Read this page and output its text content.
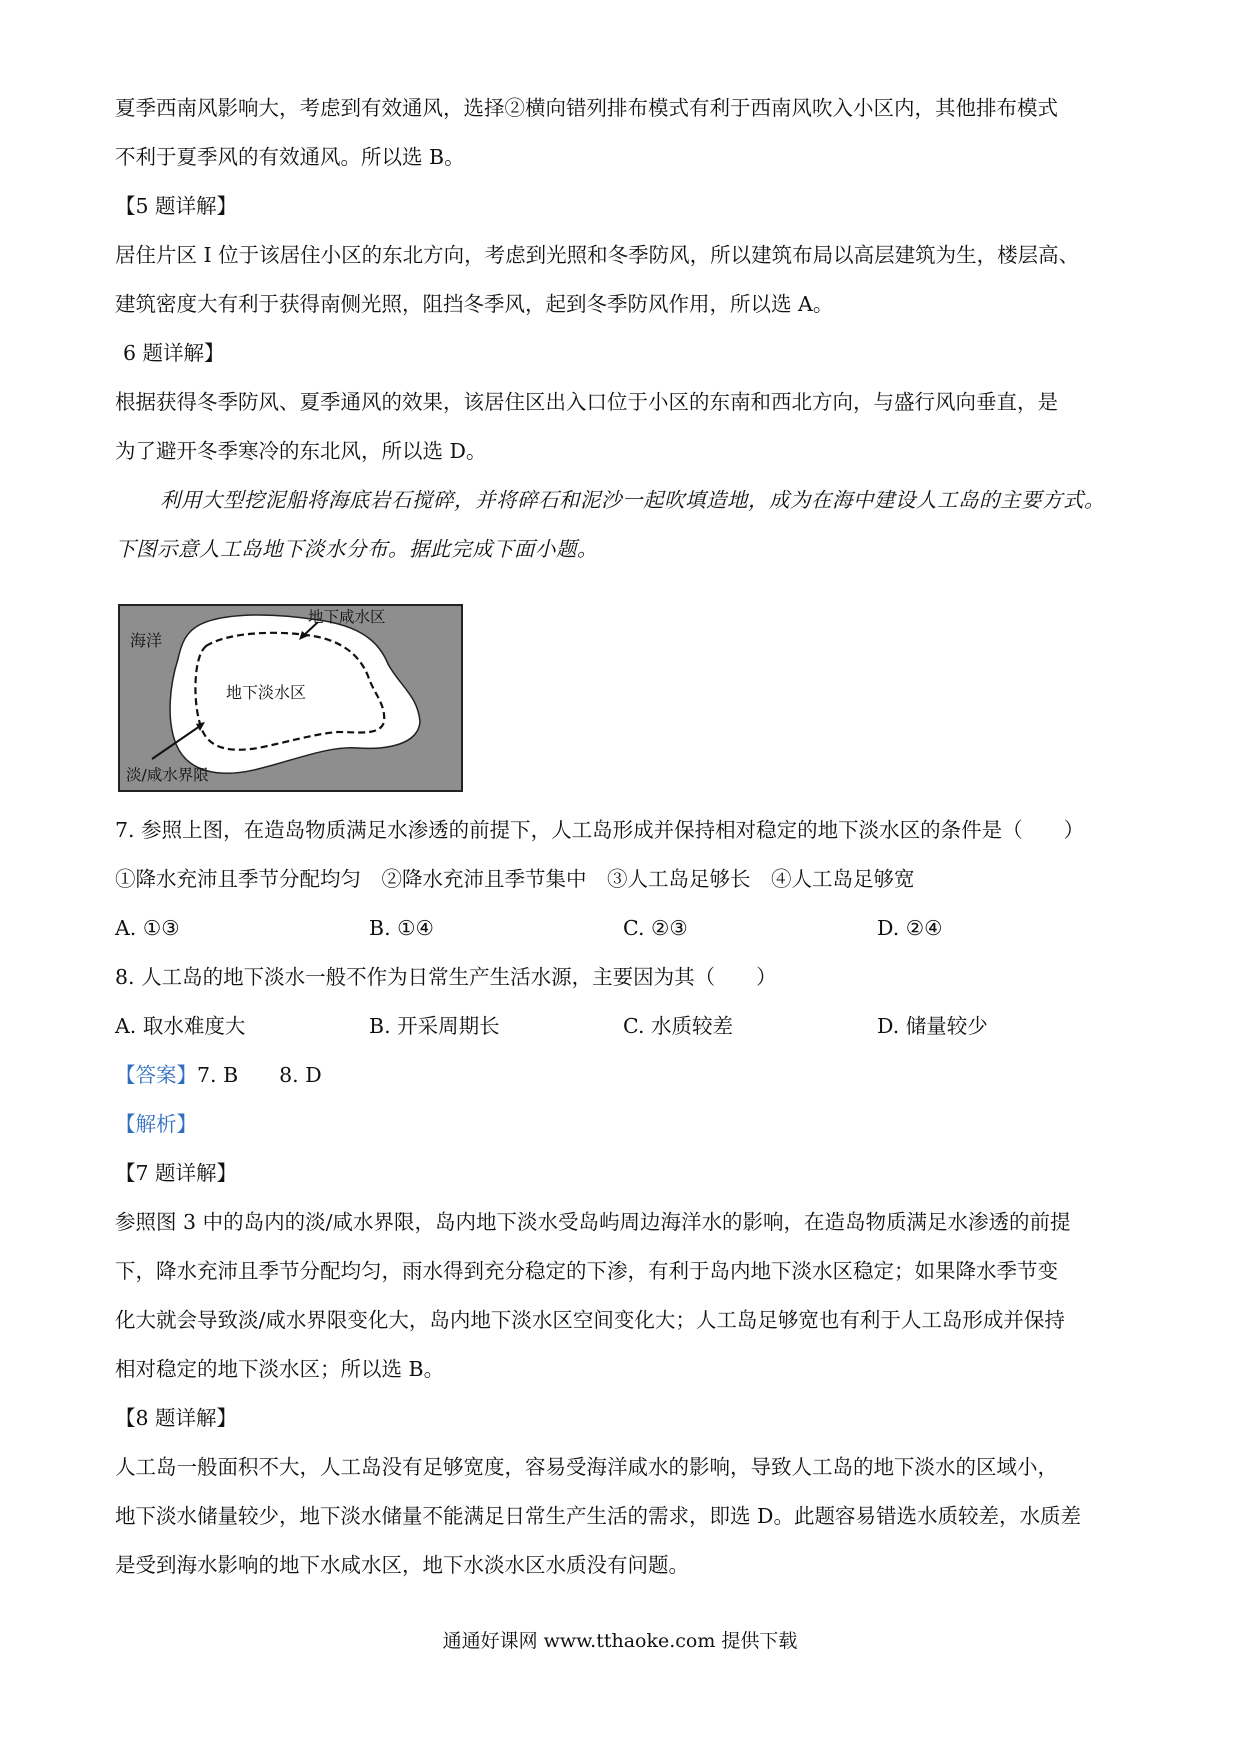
夏季西南风影响大，考虑到有效通风，选择②横向错列排布模式有利于西南风吹入小区内，其他排布模式
不利于夏季风的有效通风。所以选 B。
【5 题详解】
居住片区 I 位于该居住小区的东北方向，考虑到光照和冬季防风，所以建筑布局以高层建筑为生，楼层高、
建筑密度大有利于获得南侧光照，阻挡冬季风，起到冬季防风作用，所以选 A。
6 题详解】
根据获得冬季防风、夏季通风的效果，该居住区出入口位于小区的东南和西北方向，与盛行风向垂直，是
为了避开冬季寒冷的东北风，所以选 D。
利用大型挖泥船将海底岩石搅碎，并将碎石和泥沙一起吹填造地，成为在海中建设人工岛的主要方式。
下图示意人工岛地下淡水分布。据此完成下面小题。
海洋
地下咸水区
地下淡水区
淡/咸水界限
7. 参照上图，在造岛物质满足水渗透的前提下，人工岛形成并保持相对稳定的地下淡水区的条件是（　　）
①降水充沛且季节分配均匀　②降水充沛且季节集中　③人工岛足够长　④人工岛足够宽
A. ①③	B. ①④	C. ②③	D. ②④
8. 人工岛的地下淡水一般不作为日常生产生活水源，主要因为其（　　）
A. 取水难度大	B. 开采周期长	C. 水质较差	D. 储量较少
【答案】7. B　　8. D
【解析】
【7 题详解】
参照图 3 中的岛内的淡/咸水界限，岛内地下淡水受岛屿周边海洋水的影响，在造岛物质满足水渗透的前提
下，降水充沛且季节分配均匀，雨水得到充分稳定的下渗，有利于岛内地下淡水区稳定；如果降水季节变
化大就会导致淡/咸水界限变化大，岛内地下淡水区空间变化大；人工岛足够宽也有利于人工岛形成并保持
相对稳定的地下淡水区；所以选 B。
【8 题详解】
人工岛一般面积不大，人工岛没有足够宽度，容易受海洋咸水的影响，导致人工岛的地下淡水的区域小，
地下淡水储量较少，地下淡水储量不能满足日常生产生活的需求，即选 D。此题容易错选水质较差，水质差
是受到海水影响的地下水咸水区，地下水淡水区水质没有问题。
通通好课网 www.tthaoke.com 提供下载
